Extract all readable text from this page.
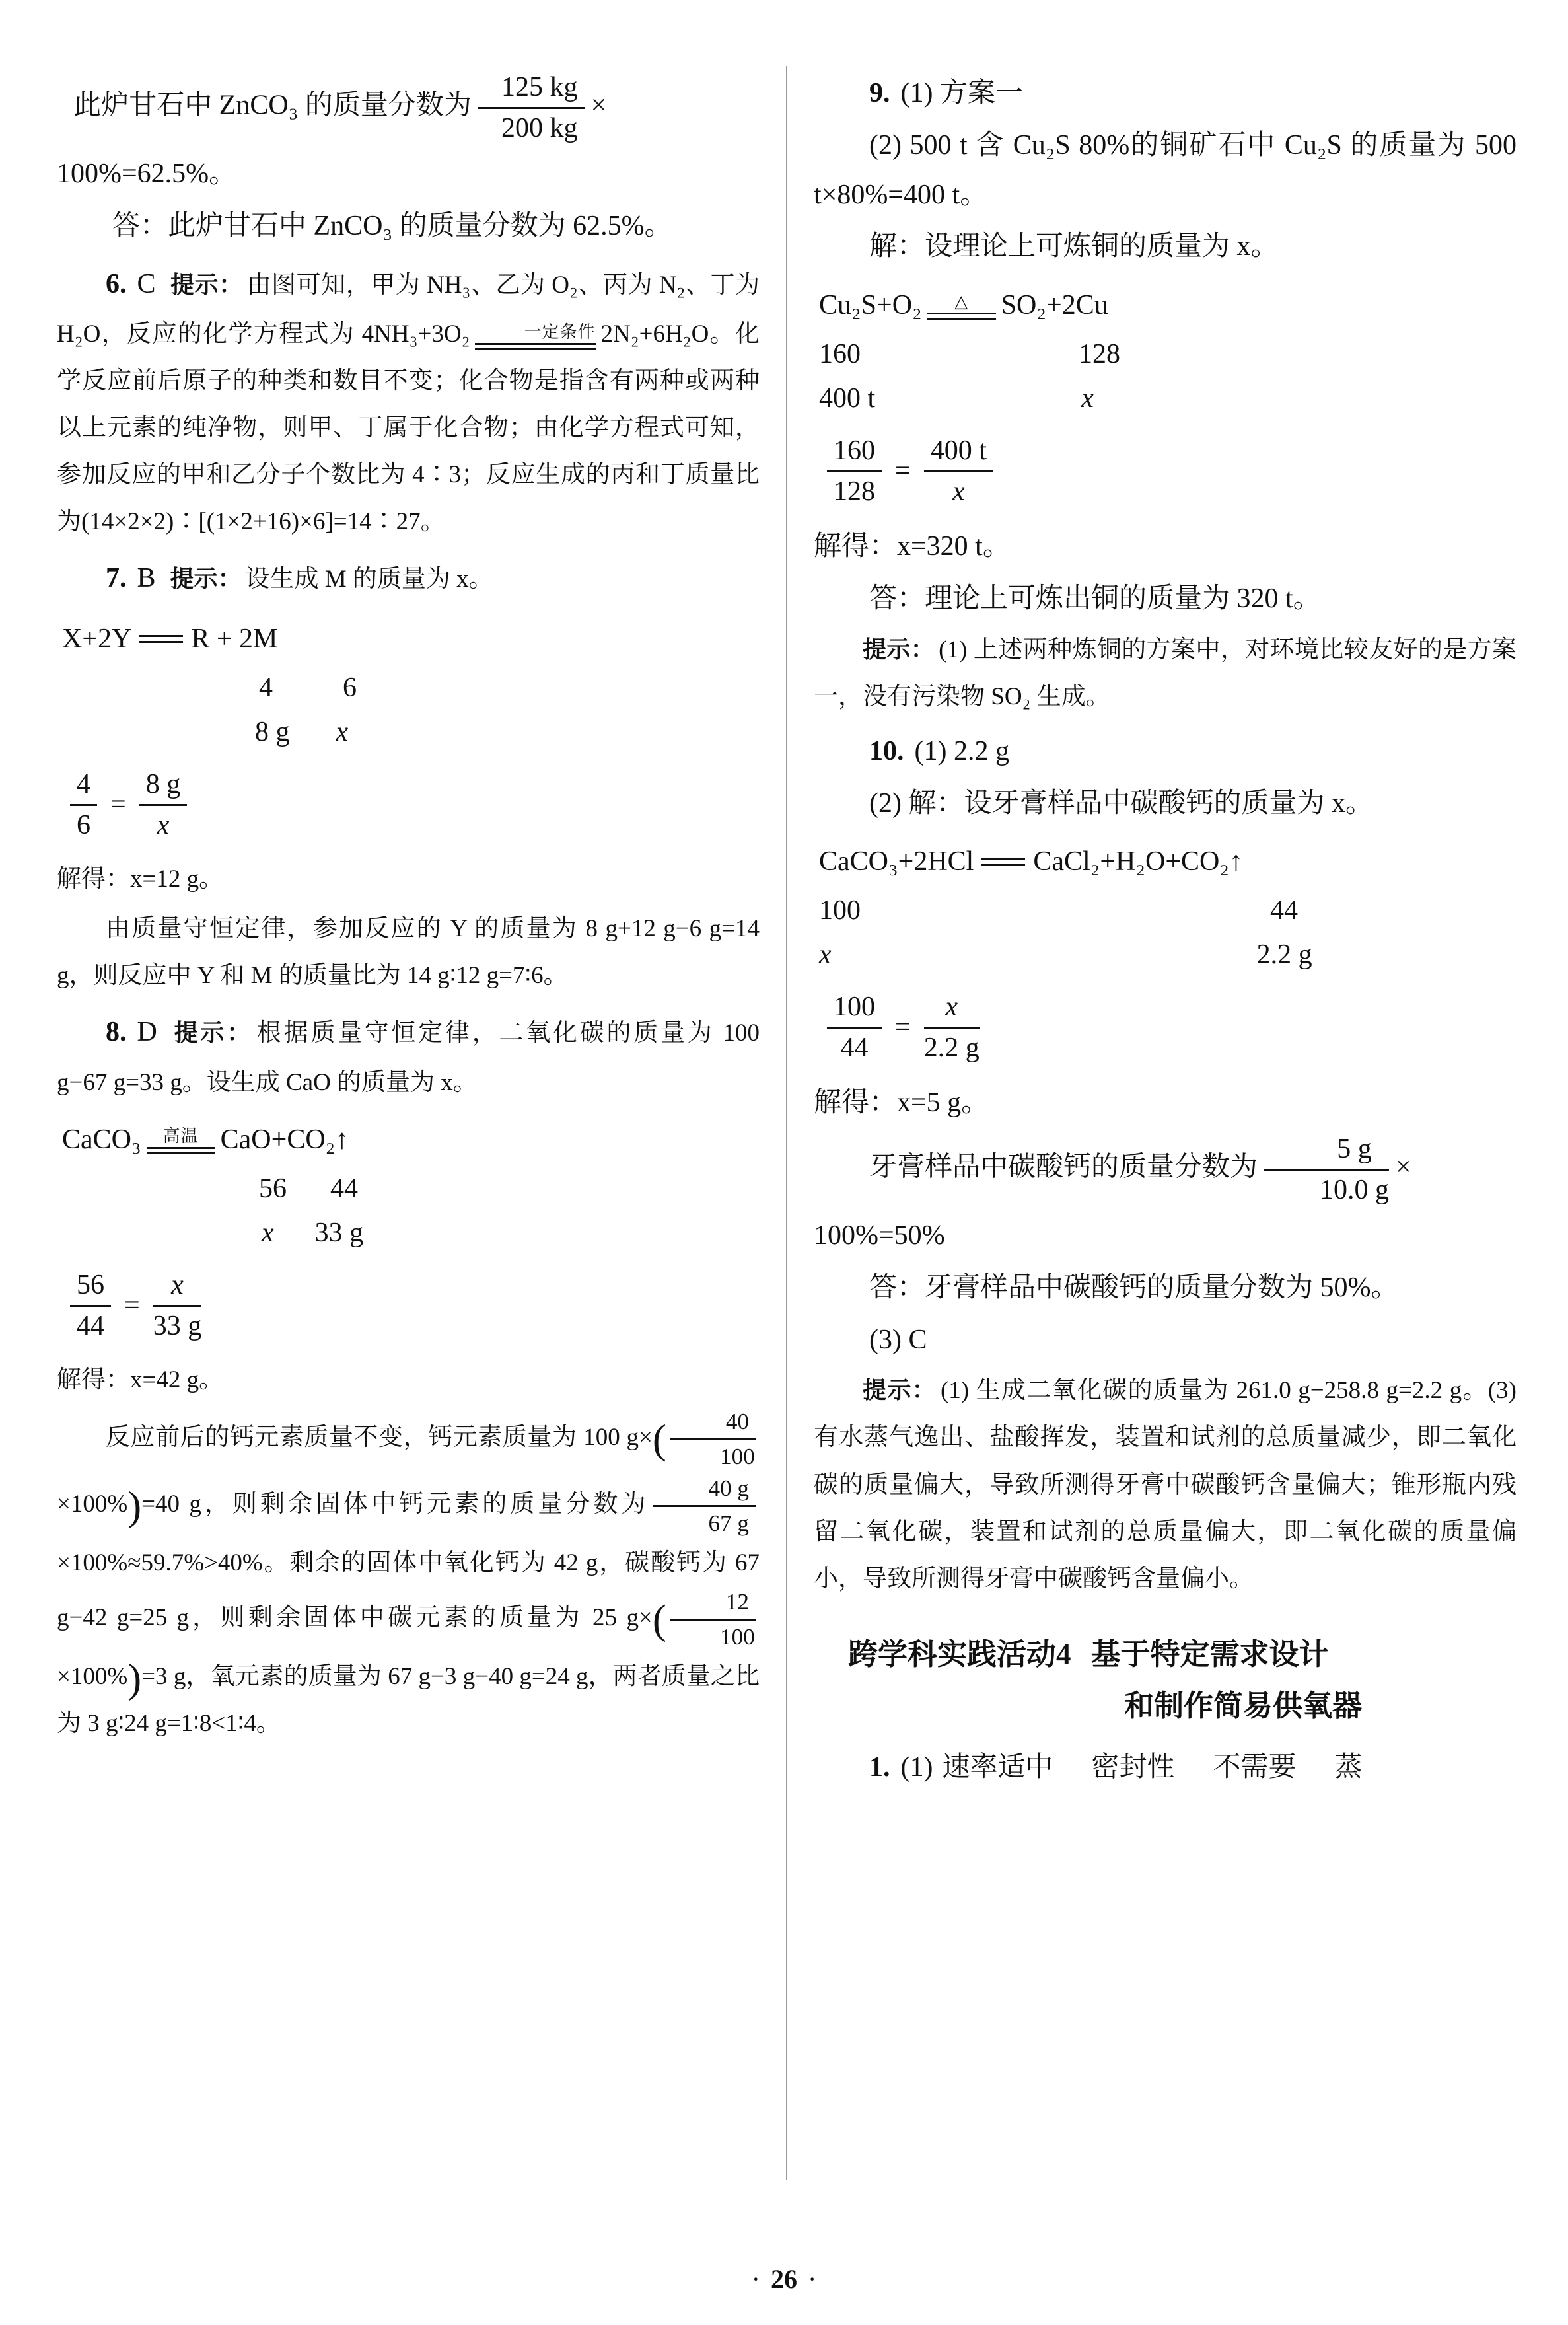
此炉甘石中 ZnCO₃ 的质量分数为 $\frac{125 kg}{200 kg}$ ×

100%=62.5%。

答：此炉甘石中 ZnCO₃ 的质量分数为 62.5%。

6. C 提示： 由图可知，甲为 NH₃、乙为 O₂、丙为 N₂、丁为 H₂O，反应的化学方程式为 4NH₃+3O₂	一定条件 2N₂+6H₂O。化学反应前后原子的种类和数目不变；化合物是指含有两种或两种以上元素的纯净物，则甲、丁属于化合物；由化学方程式可知，参加反应的甲和乙分子个数比为 4∶3；反应生成的丙和丁质量比为(14×2×2)∶[(1×2+16)×6]=14∶27。

7. B 提示： 设生成 M 的质量为 x。

X+2Y R + 2M
4	6
8 g x
$\frac{4}{6} = \frac{8 g}{x}$

解得：x=12 g。

由质量守恒定律，参加反应的 Y 的质量为 8 g+12 g−6 g=14 g，则反应中 Y 和 M 的质量比为 14 g∶12 g=7∶6。

8. D 提示： 根据质量守恒定律，二氧化碳的质量为 100 g−67 g=33 g。设生成 CaO 的质量为 x。

CaCO₃ 高温 CaO+CO₂↑
56 44
x 33 g
$\frac{56}{44} = \frac{x}{33 g}$

解得：x=42 g。

反应前后的钙元素质量不变，钙元素质量为 100 $g\times( \frac{40}{100}$
×100%)=40 g，则剩余固体中钙元素的质量分数为 $\frac{40 g}{67 g}$
×100%≈59.7%>40%。剩余的固体中氧化钙为 42 g，碳酸钙为 67 g−42 g=25 g，则剩余固体中碳元素的质量为 25 $g\times( \frac{12}{100}$
×100%)=3 g，氧元素的质量为 67 g−3 g−40 g=24 g，两者质量之比为 3 g∶24 g=1∶8<1∶4。

9. (1) 方案一

(2) 500 t 含 Cu₂S 80%的铜矿石中 Cu₂S 的质量为 500 t×80%=400 t。

解：设理论上可炼铜的质量为 x。

Cu₂S+O₂ △ SO₂+2Cu
160	128
400 t	x
$\frac{160}{128} = \frac{400 t}{x}$

解得：x=320 t。

答：理论上可炼出铜的质量为 320 t。

提示： (1) 上述两种炼铜的方案中，对环境比较友好的是方案一，没有污染物 SO₂ 生成。

10. (1) 2.2 g

(2) 解：设牙膏样品中碳酸钙的质量为 x。

CaCO₃+2HCl CaCl₂+H₂O+CO₂↑
100	44
x	2.2 g
$\frac{100}{44} = \frac{x}{2.2 g}$

解得：x=5 g。

牙膏样品中碳酸钙的质量分数为 $\frac{5 g}{10.0 g}$ ×

100%=50%

答：牙膏样品中碳酸钙的质量分数为 50%。

(3) C

提示： (1) 生成二氧化碳的质量为 261.0 g−258.8 g=2.2 g。(3) 有水蒸气逸出、盐酸挥发，装置和试剂的总质量减少，即二氧化碳的质量偏大，导致所测得牙膏中碳酸钙含量偏大；锥形瓶内残留二氧化碳，装置和试剂的总质量偏大，即二氧化碳的质量偏小，导致所测得牙膏中碳酸钙含量偏小。

跨学科实践活动4 基于特定需求设计
和制作简易供氧器

1. (1) 速率适中 密封性 不需要 蒸

· 26 ·
